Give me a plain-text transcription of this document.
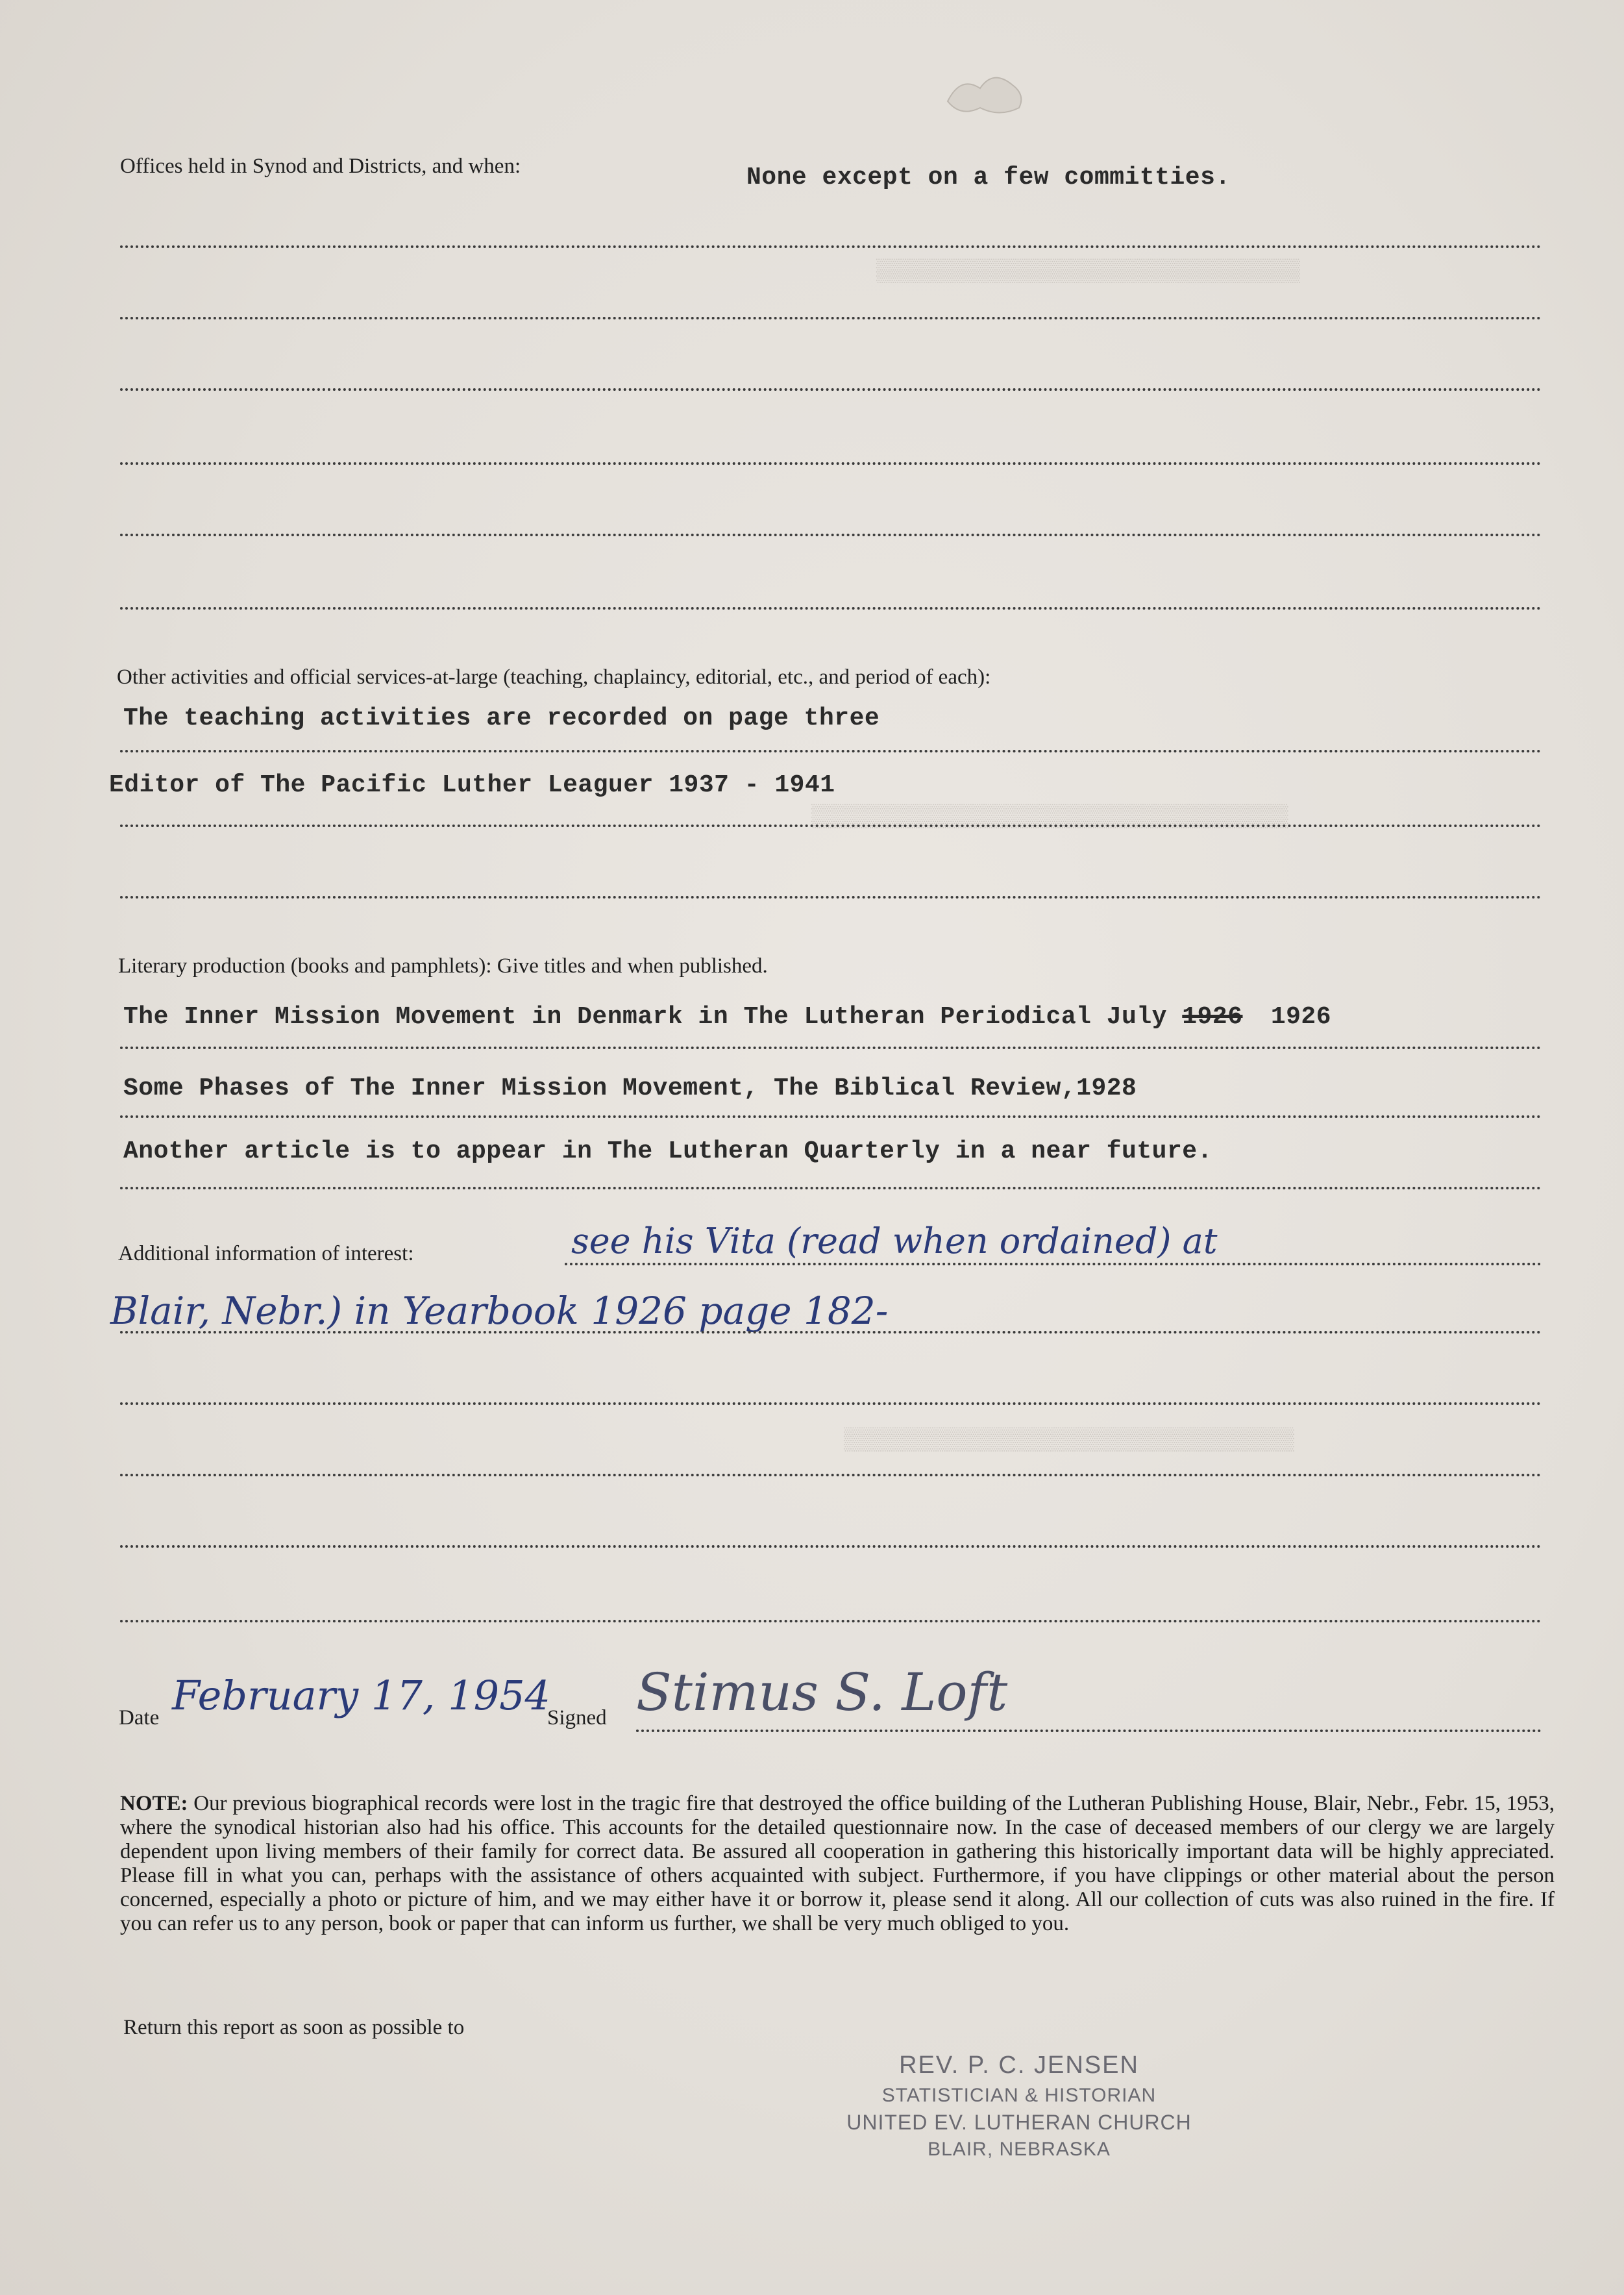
▒▒▒▒▒▒▒▒▒▒▒▒▒▒▒▒▒▒▒▒▒▒▒▒▒▒▒▒▒▒▒▒
▒▒▒▒▒▒▒▒▒▒▒▒▒▒▒▒▒▒▒▒▒▒▒▒▒▒▒▒▒▒▒▒▒▒▒▒
▒▒▒▒▒▒▒▒▒▒▒▒▒▒▒▒▒▒▒▒▒▒▒▒▒▒▒▒▒▒▒▒▒▒
Offices held in Synod and Districts, and when:	None except on a few committies.
Other activities and official services-at-large (teaching, chaplaincy, editorial, etc., and period of each):
The teaching activities are recorded on page three
Editor of The Pacific Luther Leaguer 1937 - 1941
Literary production (books and pamphlets): Give titles and when published.
The Inner Mission Movement in Denmark in The Lutheran Periodical July 1926 1926
Some Phases of The Inner Mission Movement, The Biblical Review,1928
Another article is to appear in The Lutheran Quarterly in a near future.
Additional information of interest:	see his Vita (read when ordained) at
Blair, Nebr.) in Yearbook 1926 page 182-
Date February 17, 1954
Signed Stimus S. Loft
NOTE: Our previous biographical records were lost in the tragic fire that destroyed the office building of the Lutheran Publishing House, Blair, Nebr., Febr. 15, 1953, where the synodical historian also had his office. This accounts for the detailed questionnaire now. In the case of deceased members of our clergy we are largely dependent upon living members of their family for correct data. Be assured all cooperation in gathering this historically important data will be highly appreciated. Please fill in what you can, perhaps with the assistance of others acquainted with subject. Furthermore, if you have clippings or other material about the person concerned, especially a photo or picture of him, and we may either have it or borrow it, please send it along. All our collection of cuts was also ruined in the fire. If you can refer us to any person, book or paper that can inform us further, we shall be very much obliged to you.
Return this report as soon as possible to
REV. P. C. JENSEN
STATISTICIAN & HISTORIAN
UNITED EV. LUTHERAN CHURCH
BLAIR, NEBRASKA
